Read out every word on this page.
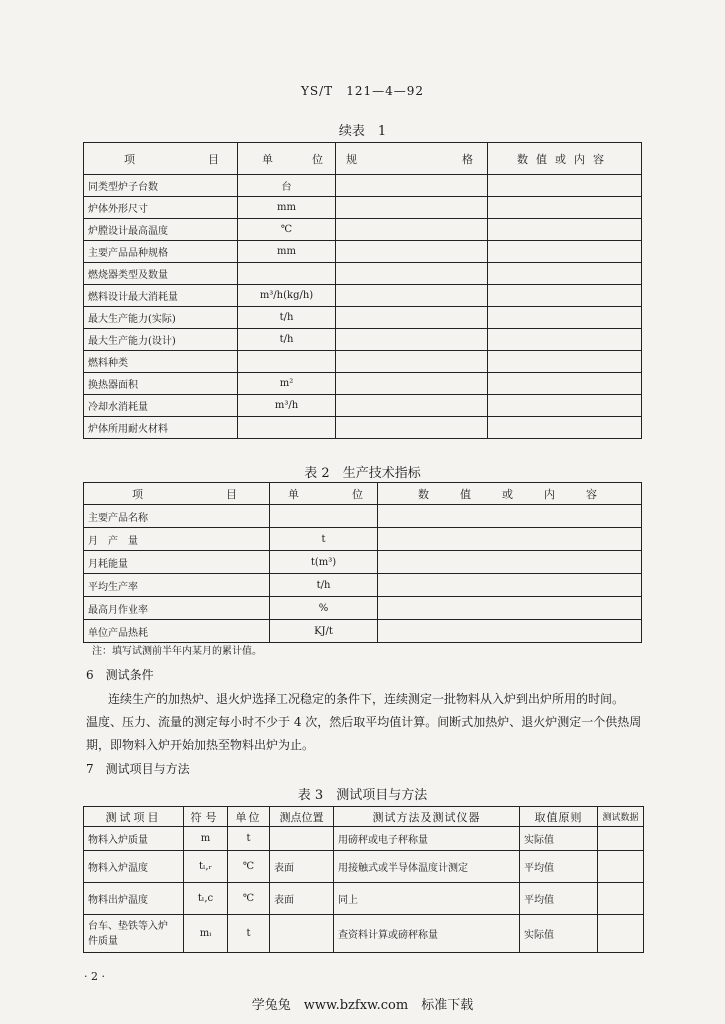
YS/T　121—4—92
续表　1
项 目	单 位	规 格	数值或内容
同类型炉子台数	台		
炉体外形尺寸	mm		
炉膛设计最高温度	℃		
主要产品品种规格	mm		
燃烧器类型及数量			
燃料设计最大消耗量	m³/h(kg/h)		
最大生产能力(实际)	t/h		
最大生产能力(设计)	t/h		
燃料种类			
换热器面积	m²		
冷却水消耗量	m³/h		
炉体所用耐火材料			
表 2　生产技术指标
项 目	单 位	数 值 或 内 容

主要产品名称		
月　产　量	t	
月耗能量	t(m³)	
平均生产率	t/h	
最高月作业率	%	
单位产品热耗	KJ/t	
注：填写试测前半年内某月的累计值。
6　测试条件
连续生产的加热炉、退火炉选择工况稳定的条件下，连续测定一批物料从入炉到出炉所用的时间。
温度、压力、流量的测定每小时不少于 4 次，然后取平均值计算。间断式加热炉、退火炉测定一个供热周
期，即物料入炉开始加热至物料出炉为止。
7　测试项目与方法
表 3　测试项目与方法
测试项目	符号	单位	测点位置	测试方法及测试仪器	取值原则	测试数据
物料入炉质量	m	t		用磅秤或电子秤称量	实际值	
物料入炉温度	tₗ,ᵣ	℃	表面	用接触式或半导体温度计测定	平均值	
物料出炉温度	tₗ,c	℃	表面	同上	平均值	
台车、垫铁等入炉
件质量	mᵢ	t		查资料计算或磅秤称量	实际值	
· 2 ·
学兔兔　www.bzfxw.com　标准下载
